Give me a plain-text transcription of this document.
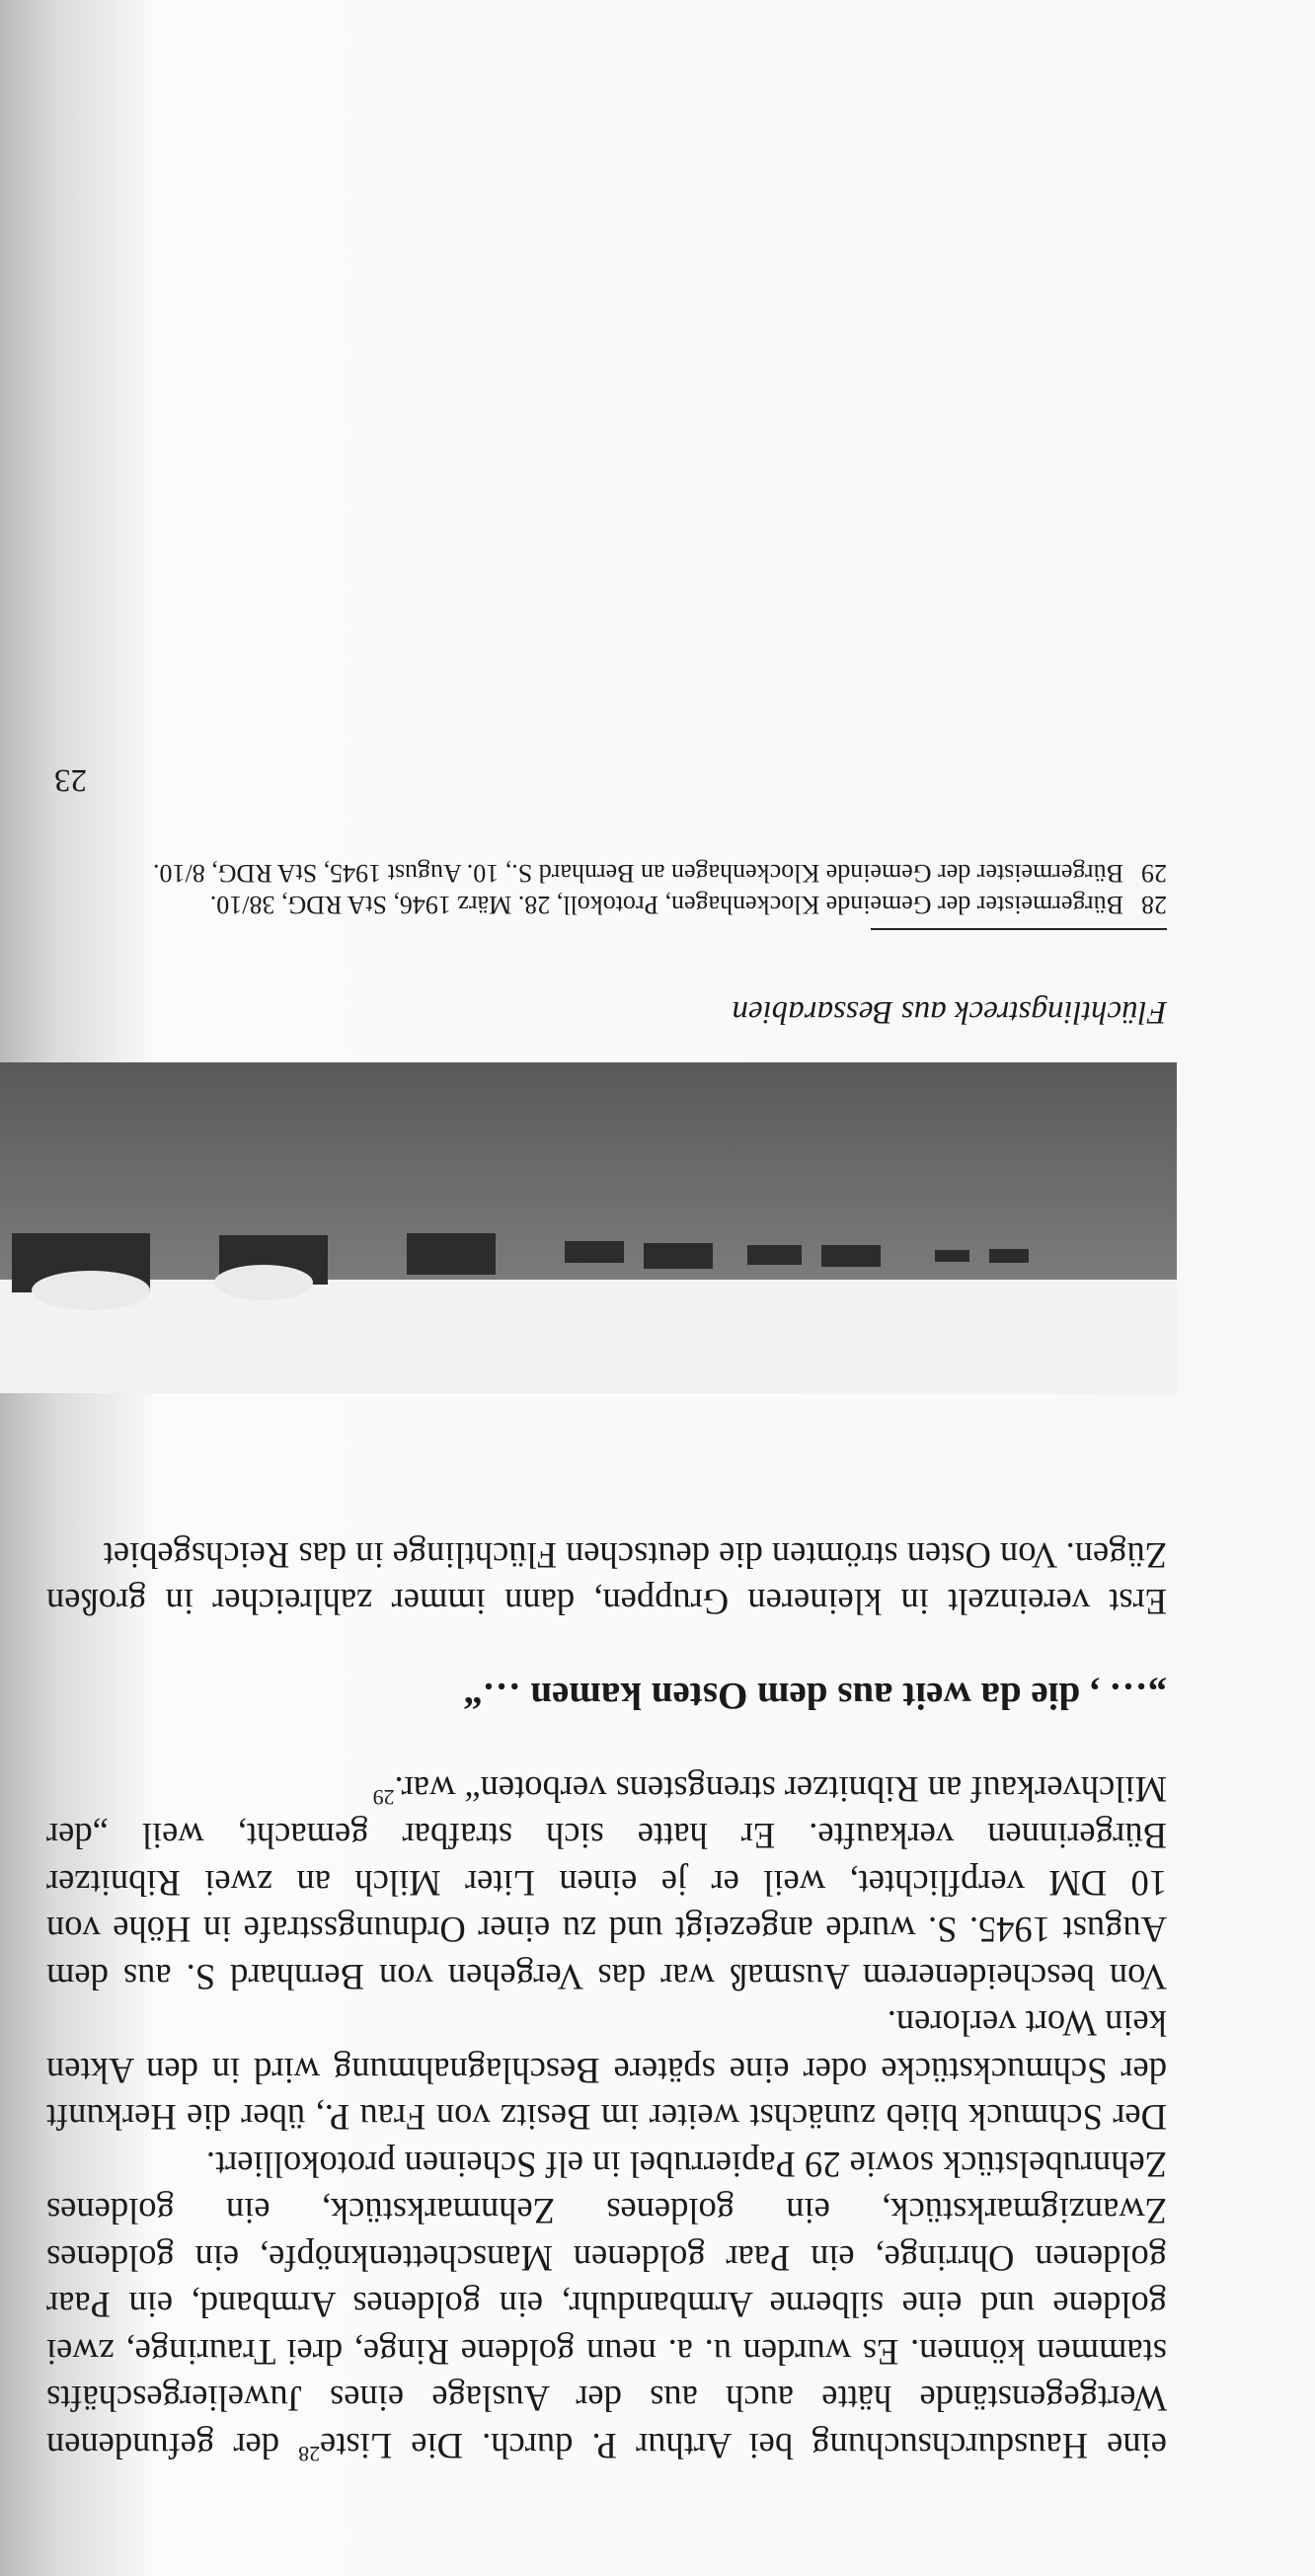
eine Hausdurchsuchung bei Arthur P. durch. Die Liste$^{28}$ der gefundenen Wertgegenstände hätte auch aus der Auslage eines Juweliergeschäfts stammen können. Es wurden u. a. neun goldene Ringe, drei Trauringe, zwei goldene und eine silberne Armbanduhr, ein goldenes Armband, ein Paar goldenen Ohrringe, ein Paar goldenen Manschettenknöpfe, ein goldenes Zwanzigmarkstück, ein goldenes Zehnmarkstück, ein goldenes Zehnrubelstück sowie 29 Papierrubel in elf Scheinen protokolliert.

Der Schmuck blieb zunächst weiter im Besitz von Frau P., über die Herkunft der Schmuckstücke oder eine spätere Beschlagnahmung wird in den Akten kein Wort verloren.

Von bescheidenerem Ausmaß war das Vergehen von Bernhard S. aus dem August 1945. S. wurde angezeigt und zu einer Ordnungsstrafe in Höhe von 10 DM verpflichtet, weil er je einen Liter Milch an zwei Ribnitzer Bürgerinnen verkaufte. Er hatte sich strafbar gemacht, weil „der Milchverkauf an Ribnitzer strengstens verboten“ war.$^{29}$

„… , die da weit aus dem Osten kamen …“

Erst vereinzelt in kleineren Gruppen, dann immer zahlreicher in großen Zügen. Von Osten strömten die deutschen Flüchtlinge in das Reichsgebiet

Flüchtlingstreck aus Bessarabien

28
Bürgermeister der Gemeinde Klockenhagen, Protokoll, 28. März 1946, StA RDG, 38/10.
29
Bürgermeister der Gemeinde Klockenhagen an Bernhard S., 10. August 1945, StA RDG, 8/10.
23
